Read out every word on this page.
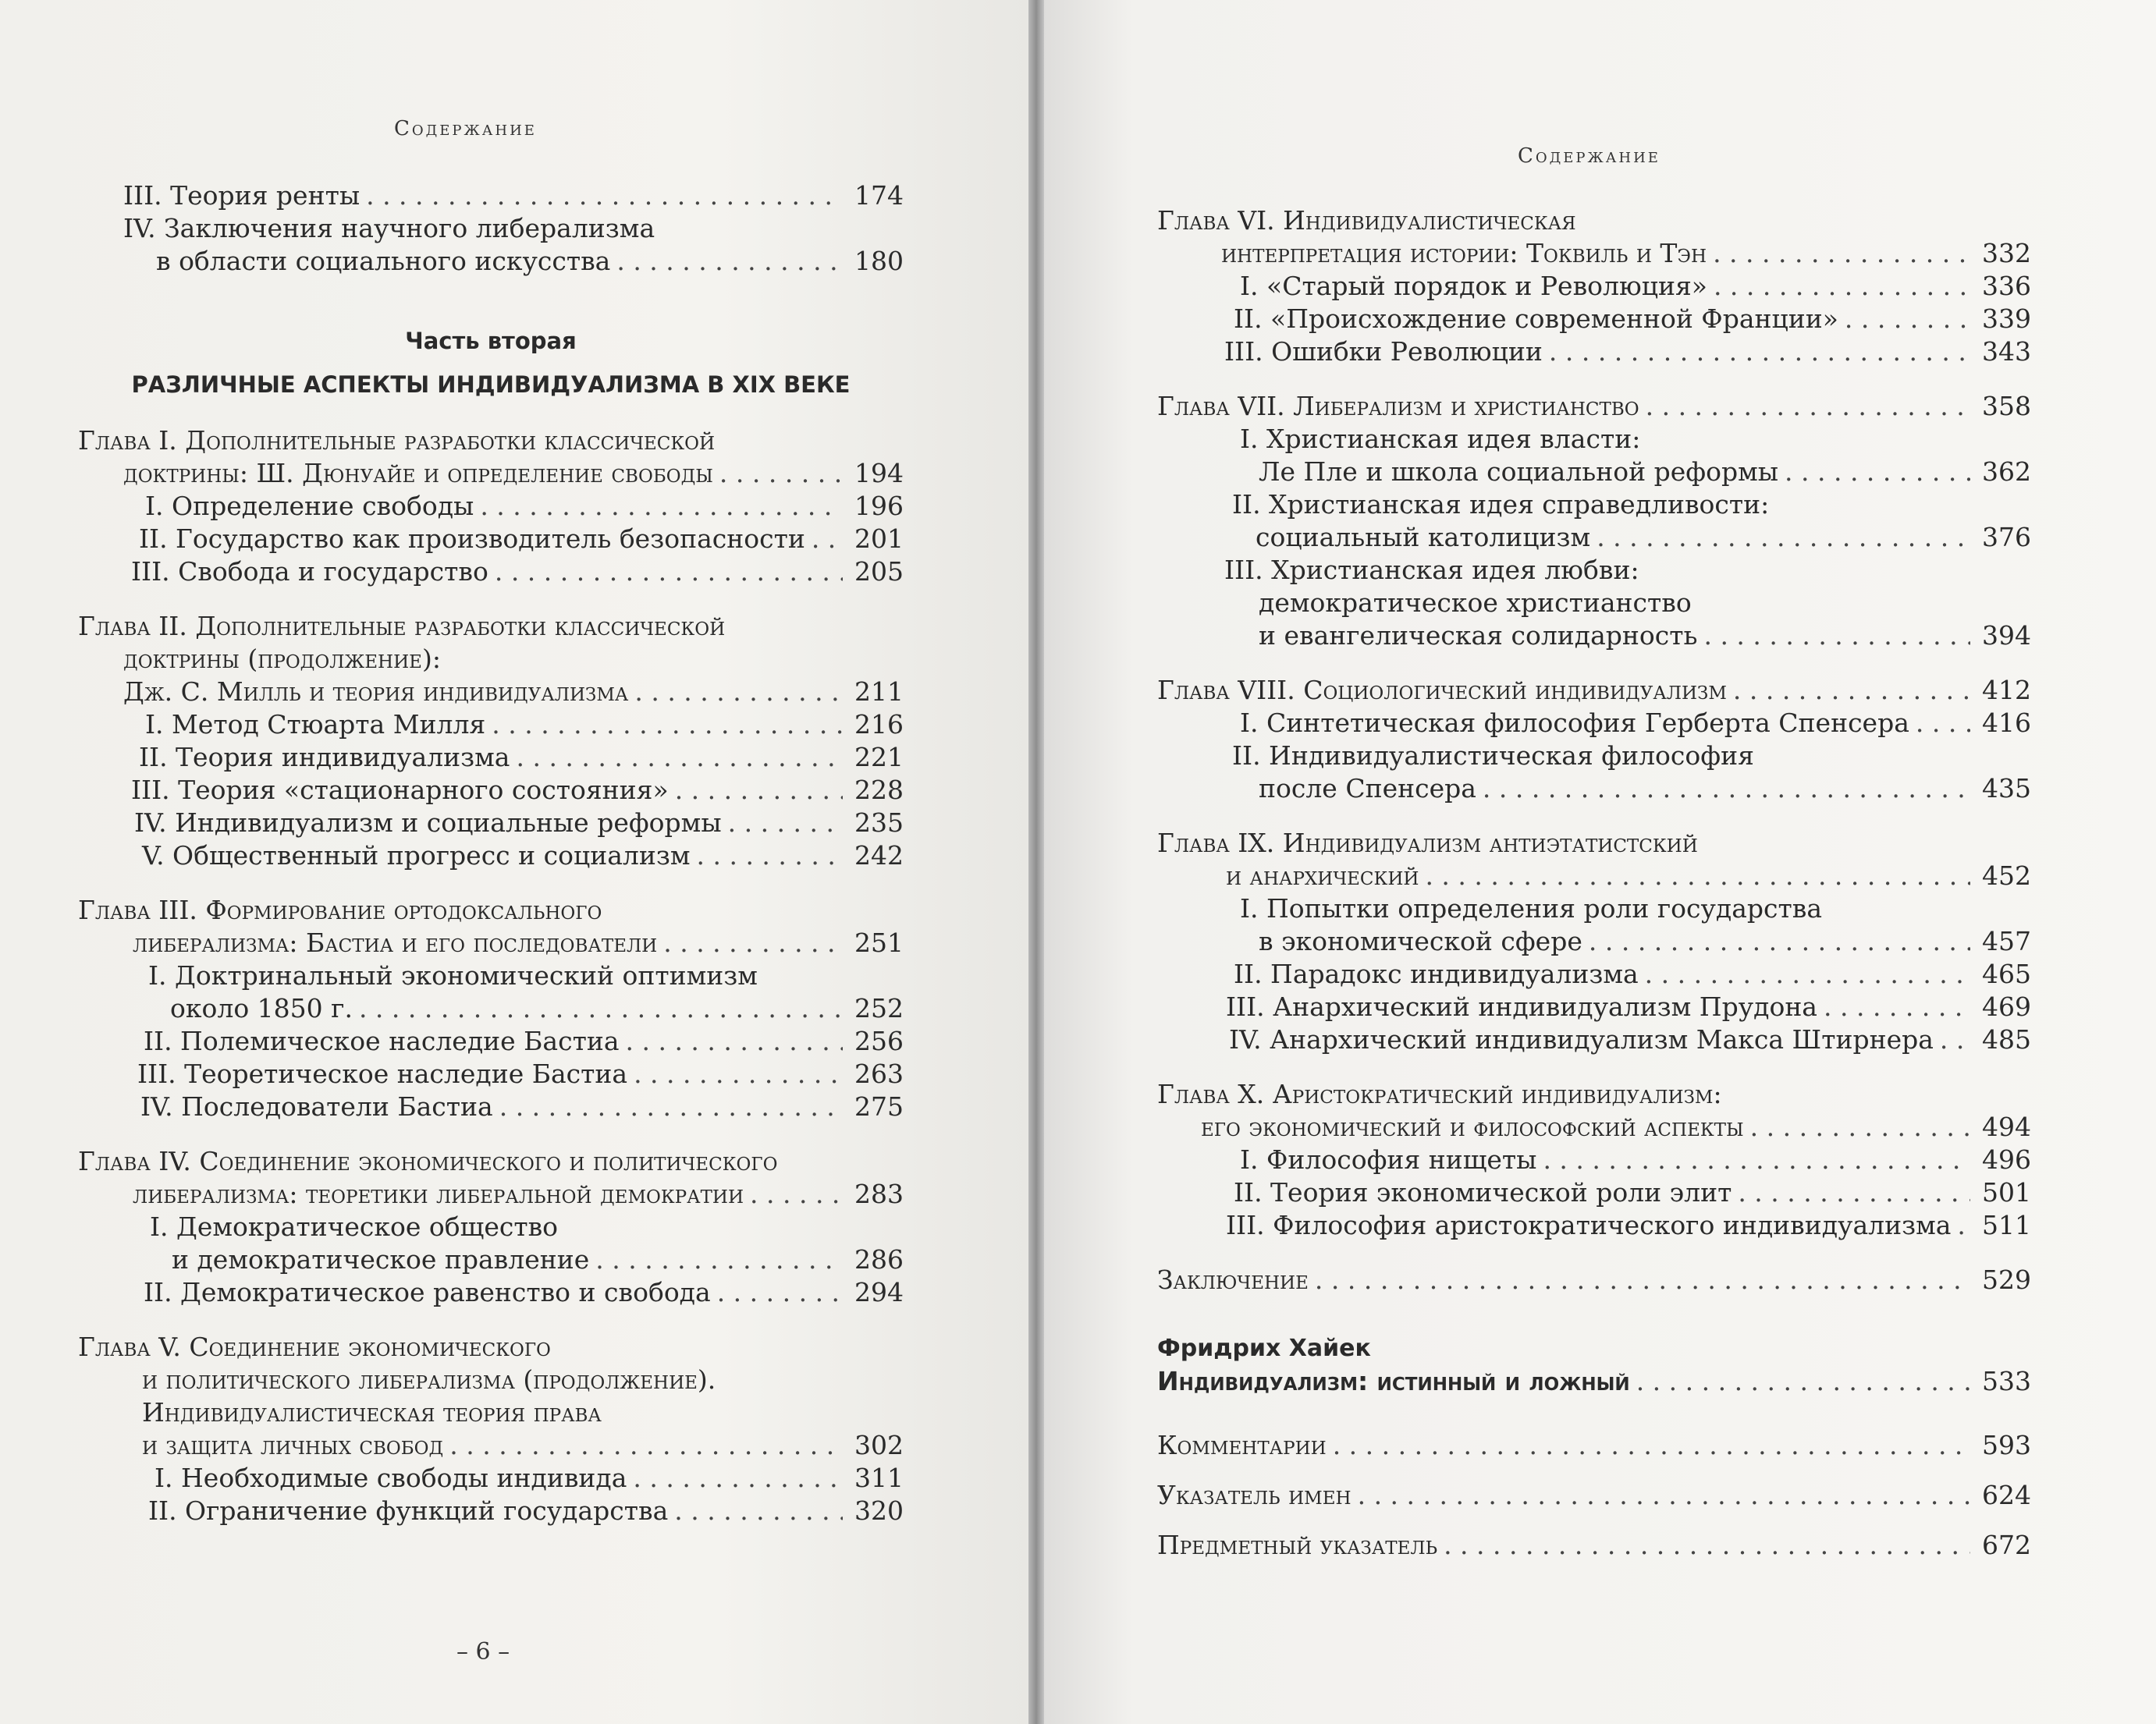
Содержание
III. Теория ренты . . .	174
IV. Заключения научного либерализма
в области социального искусства . . .	180
Часть вторая
РАЗЛИЧНЫЕ АСПЕКТЫ ИНДИВИДУАЛИЗМА В XIX ВЕКЕ
Глава I. Дополнительные разработки классической
доктрины: Ш. Дюнуайе и определение свободы . . .	194
I. Определение свободы . . .	196
II. Государство как производитель безопасности . . . 201
III. Свобода и государство . . .	205
Глава II. Дополнительные разработки классической
доктрины (продолжение):
Дж. С. Милль и теория индивидуализма . . .	211
I. Метод Стюарта Милля . . .	216
II. Теория индивидуализма . . .	221
III. Теория «стационарного состояния» . . .	228
IV. Индивидуализм и социальные реформы . . .	235
V. Общественный прогресс и социализм . . .	242
Глава III. Формирование ортодоксального
либерализма: Бастиа и его последователи . . .	251
I. Доктринальный экономический оптимизм
около 1850 г. . . .	252
II. Полемическое наследие Бастиа . . .	256
III. Теоретическое наследие Бастиа . . .	263
IV. Последователи Бастиа . . .	275
Глава IV. Соединение экономического и политического
либерализма: теоретики либеральной демократии . . .	283
I. Демократическое общество
и демократическое правление . . .	286
II. Демократическое равенство и свобода . . .	294
Глава V. Соединение экономического
и политического либерализма (продолжение).
Индивидуалистическая теория права
и защита личных свобод . . .	302
I. Необходимые свободы индивида . . .	311
II. Ограничение функций государства . . .	320
– 6 –
Содержание
Глава VI. Индивидуалистическая
интерпретация истории: Токвиль и Тэн . . .	332
I. «Старый порядок и Революция» . . .	336
II. «Происхождение современной Франции» . . .	339
III. Ошибки Революции . . .	343
Глава VII. Либерализм и христианство . . .	358
I. Христианская идея власти:
Ле Пле и школа социальной реформы . . .	362
II. Христианская идея справедливости:
социальный католицизм . . .	376
III. Христианская идея любви:
демократическое христианство
и евангелическая солидарность . . .	394
Глава VIII. Социологический индивидуализм . . .	412
I. Синтетическая философия Герберта Спенсера . . .	416
II. Индивидуалистическая философия
после Спенсера . . .	435
Глава IX. Индивидуализм антиэтатистский
и анархический . . .	452
I. Попытки определения роли государства
в экономической сфере . . .	457
II. Парадокс индивидуализма . . .	465
III. Анархический индивидуализм Прудона . . .	469
IV. Анархический индивидуализм Макса Штирнера . . . 485
Глава X. Аристократический индивидуализм:
его экономический и философский аспекты . . .	494
I. Философия нищеты . . .	496
II. Теория экономической роли элит . . .	501
III. Философия аристократического индивидуализма . . . 511
Заключение . . .	529
Фридрих Хайек
Индивидуализм: истинный и ложный . . .	533
Комментарии . . .	593
Указатель имен . . .	624
Предметный указатель . . .	672
